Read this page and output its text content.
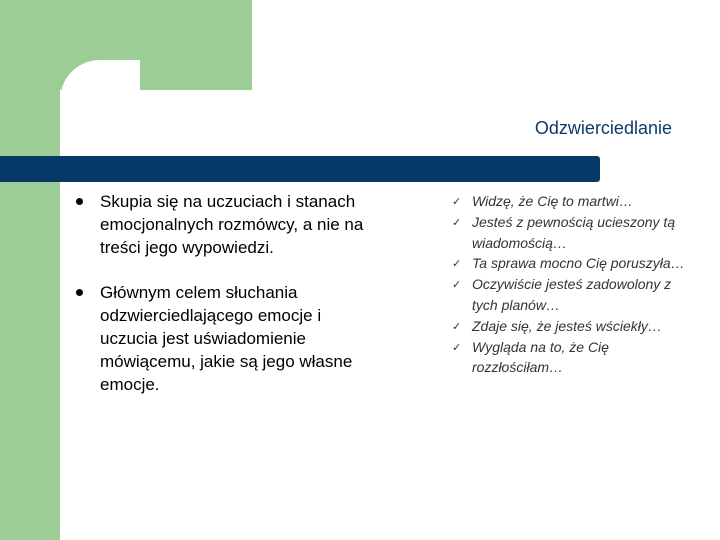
Odzwierciedlanie
Skupia się na uczuciach i stanach emocjonalnych rozmówcy, a nie na treści jego wypowiedzi.
Głównym celem słuchania odzwierciedlającego emocje i uczucia jest uświadomienie mówiącemu, jakie są jego własne emocje.
✓ Widzę, że Cię to martwi…
✓ Jesteś z pewnością ucieszony tą wiadomością…
✓ Ta sprawa mocno Cię poruszyła…
✓ Oczywiście jesteś zadowolony z tych planów…
✓ Zdaje się, że jesteś wściekły…
✓ Wygląda na to, że Cię rozzłościłam…
